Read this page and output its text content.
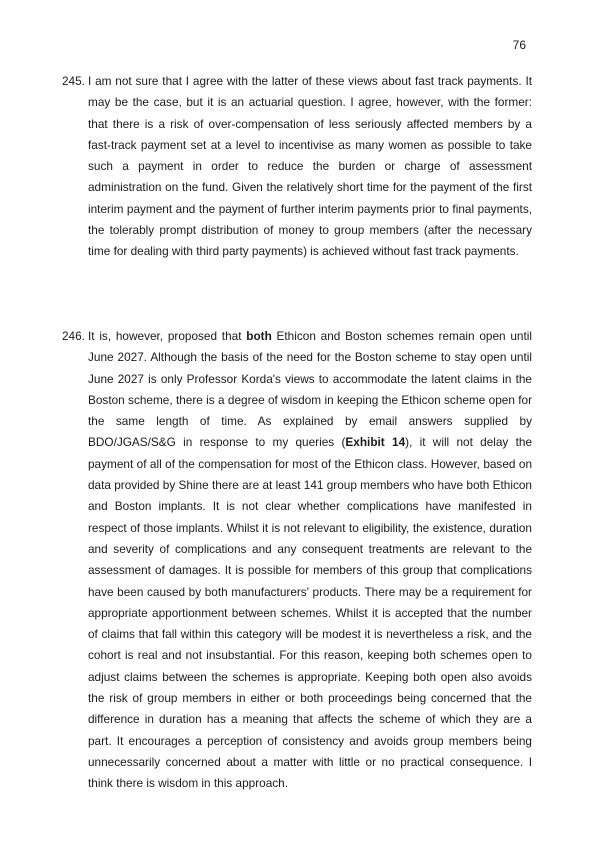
76
245. I am not sure that I agree with the latter of these views about fast track payments. It may be the case, but it is an actuarial question. I agree, however, with the former: that there is a risk of over-compensation of less seriously affected members by a fast-track payment set at a level to incentivise as many women as possible to take such a payment in order to reduce the burden or charge of assessment administration on the fund. Given the relatively short time for the payment of the first interim payment and the payment of further interim payments prior to final payments, the tolerably prompt distribution of money to group members (after the necessary time for dealing with third party payments) is achieved without fast track payments.
246. It is, however, proposed that both Ethicon and Boston schemes remain open until June 2027. Although the basis of the need for the Boston scheme to stay open until June 2027 is only Professor Korda's views to accommodate the latent claims in the Boston scheme, there is a degree of wisdom in keeping the Ethicon scheme open for the same length of time. As explained by email answers supplied by BDO/JGAS/S&G in response to my queries (Exhibit 14), it will not delay the payment of all of the compensation for most of the Ethicon class. However, based on data provided by Shine there are at least 141 group members who have both Ethicon and Boston implants. It is not clear whether complications have manifested in respect of those implants. Whilst it is not relevant to eligibility, the existence, duration and severity of complications and any consequent treatments are relevant to the assessment of damages. It is possible for members of this group that complications have been caused by both manufacturers' products. There may be a requirement for appropriate apportionment between schemes. Whilst it is accepted that the number of claims that fall within this category will be modest it is nevertheless a risk, and the cohort is real and not insubstantial. For this reason, keeping both schemes open to adjust claims between the schemes is appropriate. Keeping both open also avoids the risk of group members in either or both proceedings being concerned that the difference in duration has a meaning that affects the scheme of which they are a part. It encourages a perception of consistency and avoids group members being unnecessarily concerned about a matter with little or no practical consequence. I think there is wisdom in this approach.
